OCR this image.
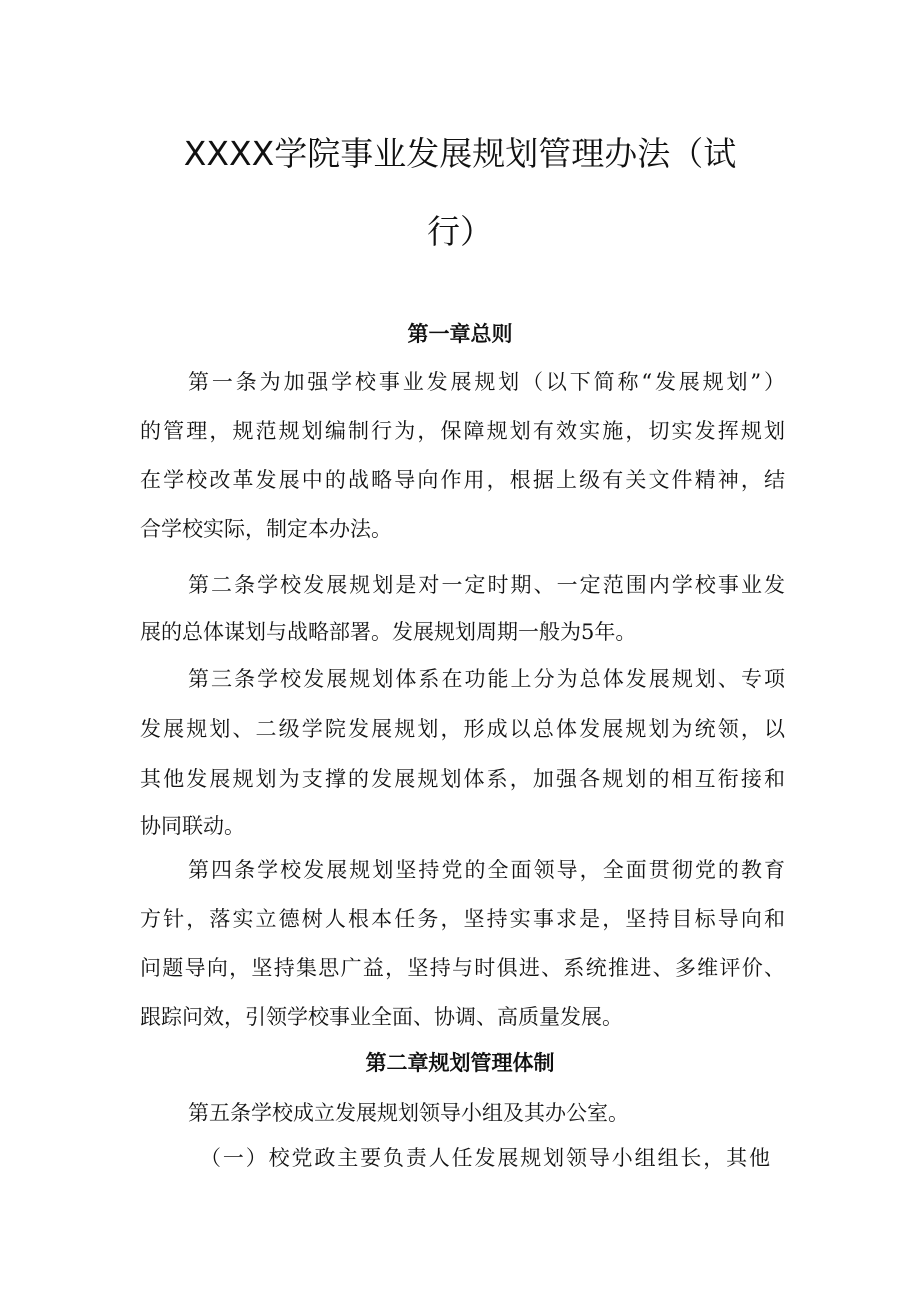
XXXX学院事业发展规划管理办法（试
行）
第一章总则
第一条为加强学校事业发展规划（以下简称“发展规划”）
的管理，规范规划编制行为，保障规划有效实施，切实发挥规划
在学校改革发展中的战略导向作用，根据上级有关文件精神，结
合学校实际，制定本办法。
第二条学校发展规划是对一定时期、一定范围内学校事业发
展的总体谋划与战略部署。发展规划周期一般为5年。
第三条学校发展规划体系在功能上分为总体发展规划、专项
发展规划、二级学院发展规划，形成以总体发展规划为统领，以
其他发展规划为支撑的发展规划体系，加强各规划的相互衔接和
协同联动。
第四条学校发展规划坚持党的全面领导，全面贯彻党的教育
方针，落实立德树人根本任务，坚持实事求是，坚持目标导向和
问题导向，坚持集思广益，坚持与时俱进、系统推进、多维评价、
跟踪问效，引领学校事业全面、协调、高质量发展。
第二章规划管理体制
第五条学校成立发展规划领导小组及其办公室。
（一）校党政主要负责人任发展规划领导小组组长，其他
